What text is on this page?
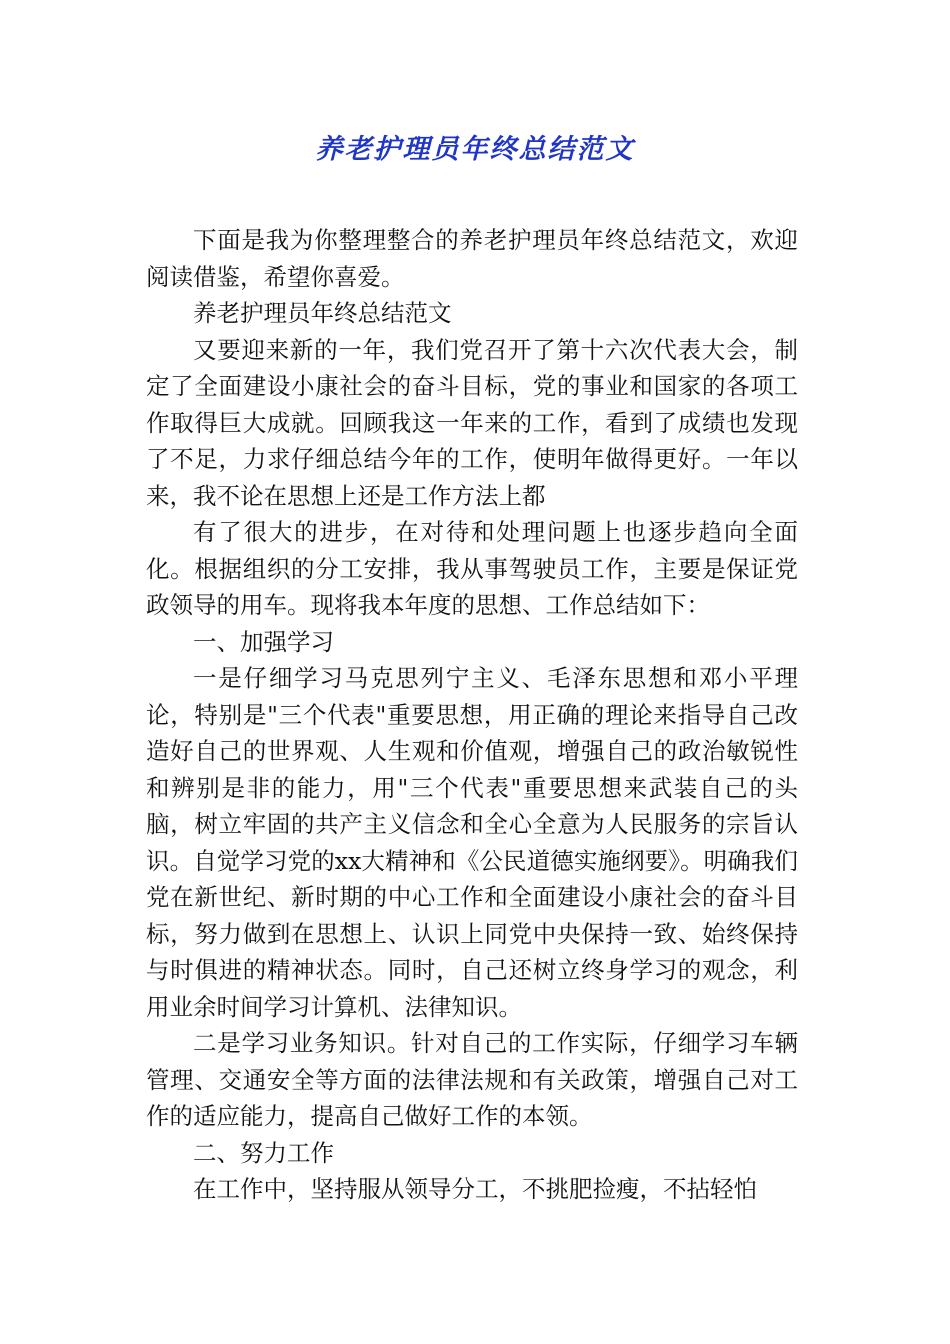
养老护理员年终总结范文

下面是我为你整理整合的养老护理员年终总结范文，欢迎阅读借鉴，希望你喜爱。

养老护理员年终总结范文

又要迎来新的一年，我们党召开了第十六次代表大会，制定了全面建设小康社会的奋斗目标，党的事业和国家的各项工作取得巨大成就。回顾我这一年来的工作，看到了成绩也发现了不足，力求仔细总结今年的工作，使明年做得更好。一年以来，我不论在思想上还是工作方法上都

有了很大的进步，在对待和处理问题上也逐步趋向全面化。根据组织的分工安排，我从事驾驶员工作，主要是保证党政领导的用车。现将我本年度的思想、工作总结如下：

一、加强学习

一是仔细学习马克思列宁主义、毛泽东思想和邓小平理论，特别是"三个代表"重要思想，用正确的理论来指导自己改造好自己的世界观、人生观和价值观，增强自己的政治敏锐性和辨别是非的能力，用"三个代表"重要思想来武装自己的头脑，树立牢固的共产主义信念和全心全意为人民服务的宗旨认识。自觉学习党的xx大精神和《公民道德实施纲要》。明确我们党在新世纪、新时期的中心工作和全面建设小康社会的奋斗目标，努力做到在思想上、认识上同党中央保持一致、始终保持与时俱进的精神状态。同时，自己还树立终身学习的观念，利用业余时间学习计算机、法律知识。

二是学习业务知识。针对自己的工作实际，仔细学习车辆管理、交通安全等方面的法律法规和有关政策，增强自己对工作的适应能力，提高自己做好工作的本领。

二、努力工作

在工作中，坚持服从领导分工，不挑肥捡瘦，不拈轻怕
